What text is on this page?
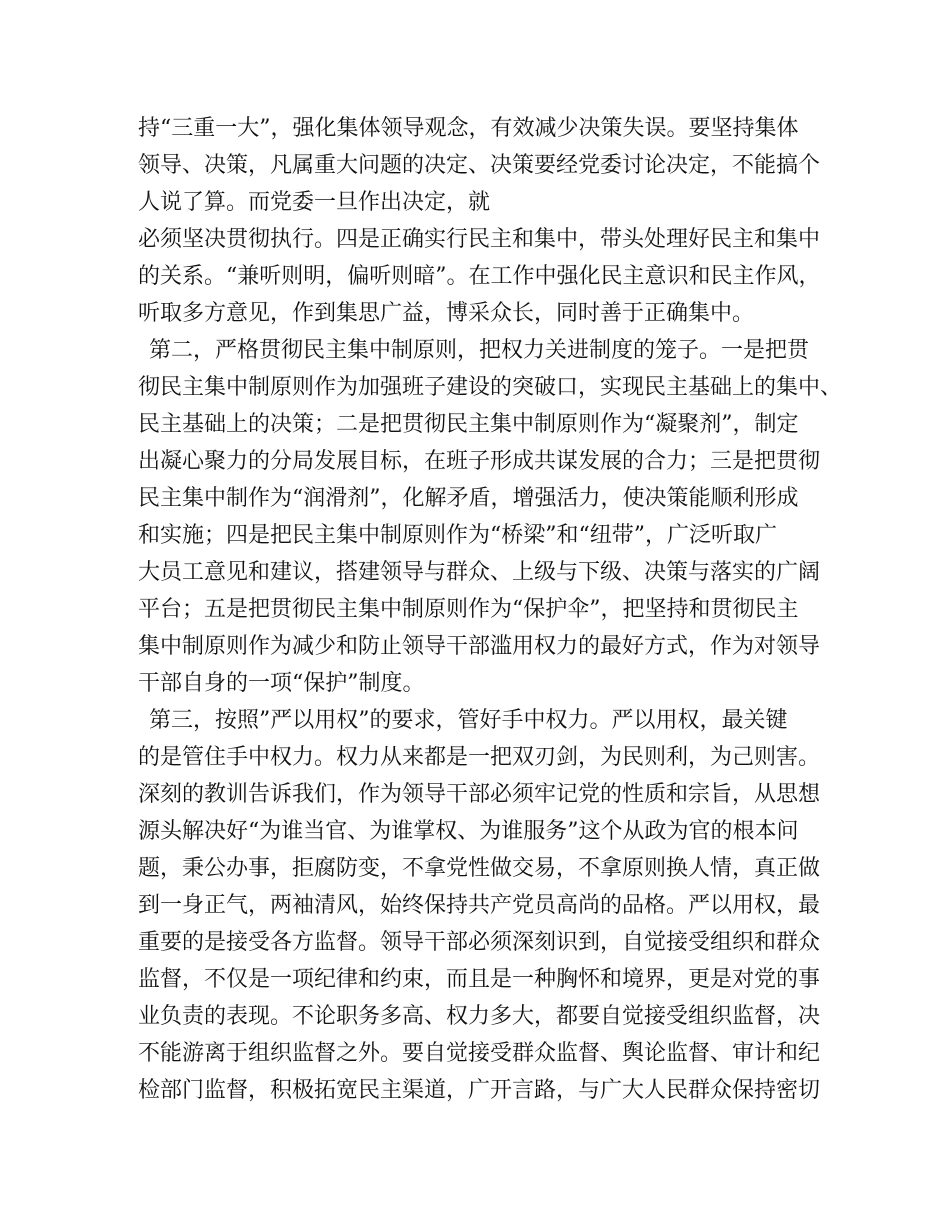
持“三重一大”，强化集体领导观念，有效减少决策失误。要坚持集体
领导、决策，凡属重大问题的决定、决策要经党委讨论决定，不能搞个
人说了算。而党委一旦作出决定，就
必须坚决贯彻执行。四是正确实行民主和集中，带头处理好民主和集中
的关系。“兼听则明，偏听则暗”。在工作中强化民主意识和民主作风，
听取多方意见，作到集思广益，博采众长，同时善于正确集中。
第二，严格贯彻民主集中制原则，把权力关进制度的笼子。一是把贯
彻民主集中制原则作为加强班子建设的突破口，实现民主基础上的集中、
民主基础上的决策；二是把贯彻民主集中制原则作为“凝聚剂”，制定
出凝心聚力的分局发展目标，在班子形成共谋发展的合力；三是把贯彻
民主集中制作为“润滑剂”，化解矛盾，增强活力，使决策能顺利形成
和实施；四是把民主集中制原则作为“桥梁”和“纽带”，广泛听取广
大员工意见和建议，搭建领导与群众、上级与下级、决策与落实的广阔
平台；五是把贯彻民主集中制原则作为“保护伞”，把坚持和贯彻民主
集中制原则作为减少和防止领导干部滥用权力的最好方式，作为对领导
干部自身的一项“保护”制度。
第三，按照”严以用权”的要求，管好手中权力。严以用权，最关键
的是管住手中权力。权力从来都是一把双刃剑，为民则利，为己则害。
深刻的教训告诉我们，作为领导干部必须牢记党的性质和宗旨，从思想
源头解决好“为谁当官、为谁掌权、为谁服务”这个从政为官的根本问
题，秉公办事，拒腐防变，不拿党性做交易，不拿原则换人情，真正做
到一身正气，两袖清风，始终保持共产党员高尚的品格。严以用权，最
重要的是接受各方监督。领导干部必须深刻识到，自觉接受组织和群众
监督，不仅是一项纪律和约束，而且是一种胸怀和境界，更是对党的事
业负责的表现。不论职务多高、权力多大，都要自觉接受组织监督，决
不能游离于组织监督之外。要自觉接受群众监督、舆论监督、审计和纪
检部门监督，积极拓宽民主渠道，广开言路，与广大人民群众保持密切
